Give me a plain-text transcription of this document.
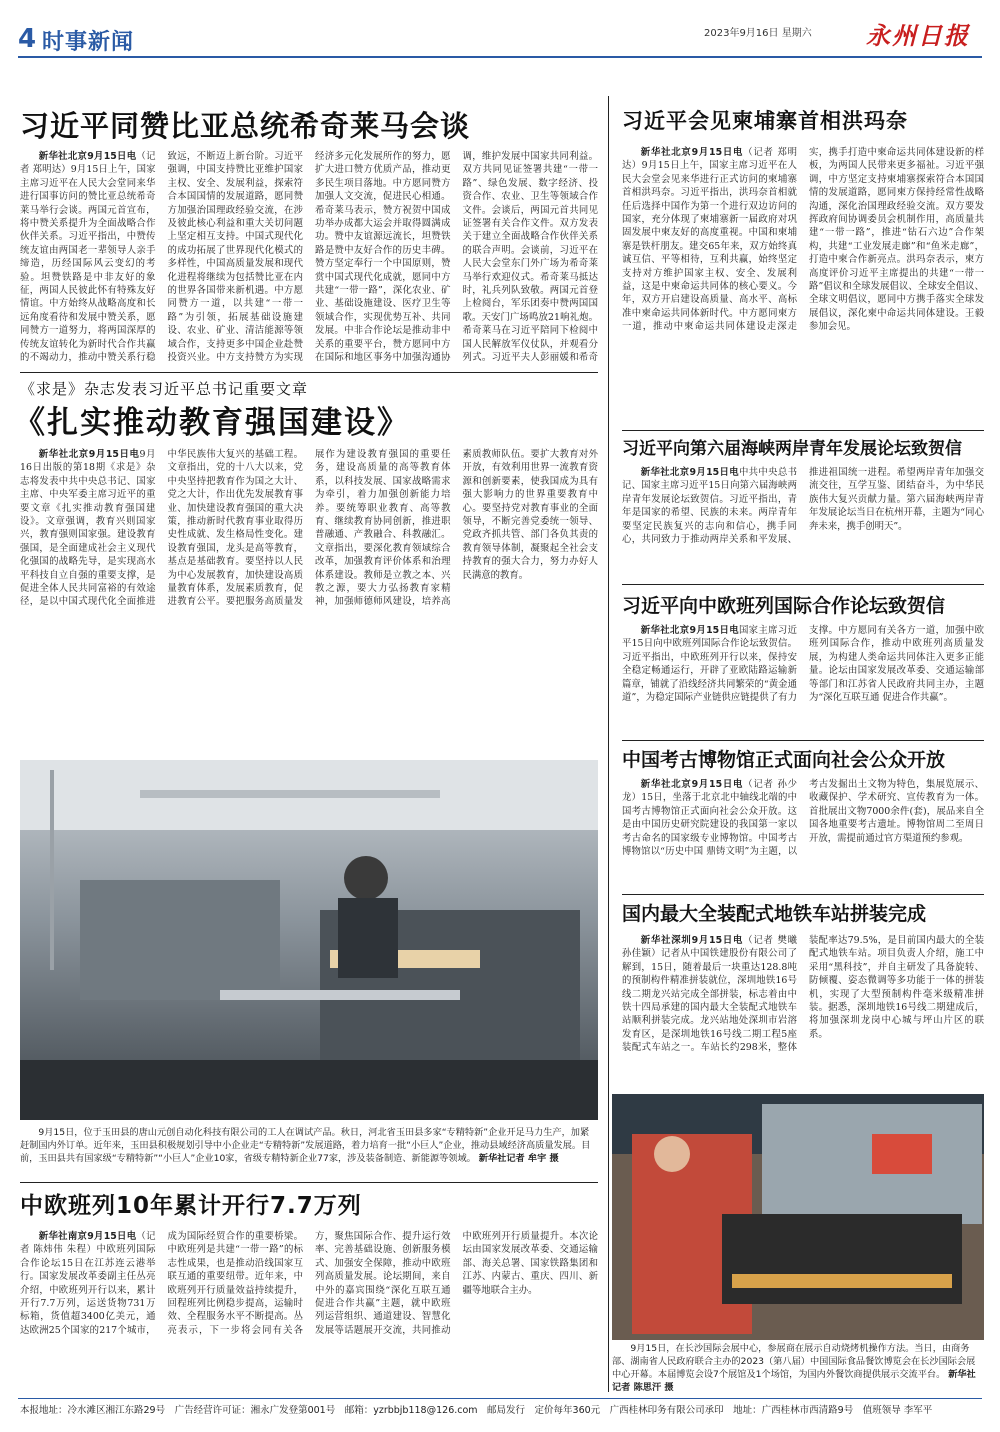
4 时事新闻	2023年9月16日 星期六 永州日报
习近平同赞比亚总统希奇莱马会谈
新华社北京9月15日电（记者 郑明达）9月15日上午，国家主席习近平在人民大会堂同来华进行国事访问的赞比亚总统希奇莱马举行会谈。两国元首宣布，将中赞关系提升为全面战略合作伙伴关系。习近平指出，中赞传统友谊由两国老一辈领导人亲手缔造，历经国际风云变幻的考验。坦赞铁路是中非友好的象征，两国人民彼此怀有特殊友好情谊。中方始终从战略高度和长远角度看待和发展中赞关系，愿同赞方一道努力，将两国深厚的传统友谊转化为新时代合作共赢的不竭动力，推动中赞关系行稳致远，不断迈上新台阶。习近平强调，中国支持赞比亚维护国家主权、安全、发展利益，探索符合本国国情的发展道路，愿同赞方加强治国理政经验交流，在涉及彼此核心利益和重大关切问题上坚定相互支持。中国式现代化的成功拓展了世界现代化模式的多样性，中国高质量发展和现代化进程将继续为包括赞比亚在内的世界各国带来新机遇。中方愿同赞方一道，以共建“一带一路”为引领，拓展基础设施建设、农业、矿业、清洁能源等领域合作，支持更多中国企业赴赞投资兴业。中方支持赞方为实现经济多元化发展所作的努力，愿扩大进口赞方优质产品，推动更多民生项目落地。中方愿同赞方加强人文交流，促进民心相通。希奇莱马表示，赞方祝贺中国成功举办成都大运会并取得圆满成功。赞中友谊源远流长，坦赞铁路是赞中友好合作的历史丰碑。赞方坚定奉行一个中国原则，赞赏中国式现代化成就，愿同中方共建“一带一路”，深化农业、矿业、基础设施建设、医疗卫生等领域合作，实现优势互补、共同发展。中非合作论坛是推动非中关系的重要平台，赞方愿同中方在国际和地区事务中加强沟通协调，维护发展中国家共同利益。双方共同见证签署共建“一带一路”、绿色发展、数字经济、投资合作、农业、卫生等领域合作文件。会谈后，两国元首共同见证签署有关合作文件。双方发表关于建立全面战略合作伙伴关系的联合声明。会谈前，习近平在人民大会堂东门外广场为希奇莱马举行欢迎仪式。希奇莱马抵达时，礼兵列队致敬。两国元首登上检阅台，军乐团奏中赞两国国歌。天安门广场鸣放21响礼炮。希奇莱马在习近平陪同下检阅中国人民解放军仪仗队，并观看分列式。习近平夫人彭丽媛和希奇
《求是》杂志发表习近平总书记重要文章
《扎实推动教育强国建设》
新华社北京9月15日电9月16日出版的第18期《求是》杂志将发表中共中央总书记、国家主席、中央军委主席习近平的重要文章《扎实推动教育强国建设》。文章强调，教育兴则国家兴，教育强则国家强。建设教育强国，是全面建成社会主义现代化强国的战略先导，是实现高水平科技自立自强的重要支撑，是促进全体人民共同富裕的有效途径，是以中国式现代化全面推进中华民族伟大复兴的基础工程。文章指出，党的十八大以来，党中央坚持把教育作为国之大计、党之大计，作出优先发展教育事业、加快建设教育强国的重大决策，推动新时代教育事业取得历史性成就、发生格局性变化。建设教育强国，龙头是高等教育，基点是基础教育。要坚持以人民为中心发展教育，加快建设高质量教育体系，发展素质教育，促进教育公平。要把服务高质量发展作为建设教育强国的重要任务，建设高质量的高等教育体系，以科技发展、国家战略需求为牵引，着力加强创新能力培养。要统筹职业教育、高等教育、继续教育协同创新，推进职普融通、产教融合、科教融汇。文章指出，要深化教育领域综合改革，加强教育评价体系和治理体系建设。教师是立教之本、兴教之源，要大力弘扬教育家精神，加强师德师风建设，培养高素质教师队伍。要扩大教育对外开放，有效利用世界一流教育资源和创新要素，使我国成为具有强大影响力的世界重要教育中心。要坚持党对教育事业的全面领导，不断完善党委统一领导、党政齐抓共管、部门各负其责的教育领导体制，凝聚起全社会支持教育的强大合力，努力办好人民满意的教育。
9月15日，位于玉田县的唐山元创自动化科技有限公司的工人在调试产品。秋日，河北省玉田县多家“专精特新”企业开足马力生产，加紧赶制国内外订单。近年来，玉田县积极规划引导中小企业走“专精特新”发展道路，着力培育一批“小巨人”企业，推动县域经济高质量发展。目前，玉田县共有国家级“专精特新”“小巨人”企业10家，省级专精特新企业77家，涉及装备制造、新能源等领域。 新华社记者 牟宇 摄
中欧班列10年累计开行7.7万列
新华社南京9月15日电（记者 陈炜伟 朱程）中欧班列国际合作论坛15日在江苏连云港举行。国家发展改革委副主任丛亮介绍，中欧班列开行以来，累计开行7.7万列，运送货物731万标箱，货值超3400亿美元，通达欧洲25个国家的217个城市，成为国际经贸合作的重要桥梁。中欧班列是共建“一带一路”的标志性成果，也是推动沿线国家互联互通的重要纽带。近年来，中欧班列开行质量效益持续提升，回程班列比例稳步提高，运输时效、全程服务水平不断提高。丛亮表示，下一步将会同有关各方，聚焦国际合作、提升运行效率、完善基础设施、创新服务模式、加强安全保障，推动中欧班列高质量发展。论坛期间，来自中外的嘉宾围绕“深化互联互通 促进合作共赢”主题，就中欧班列运营组织、通道建设、智慧化发展等话题展开交流，共同推动中欧班列开行质量提升。本次论坛由国家发展改革委、交通运输部、海关总署、国家铁路集团和江苏、内蒙古、重庆、四川、新疆等地联合主办。
习近平会见柬埔寨首相洪玛奈
新华社北京9月15日电（记者 郑明达）9月15日上午，国家主席习近平在人民大会堂会见来华进行正式访问的柬埔寨首相洪玛奈。习近平指出，洪玛奈首相就任后选择中国作为第一个进行双边访问的国家，充分体现了柬埔寨新一届政府对巩固发展中柬友好的高度重视。中国和柬埔寨是铁杆朋友。建交65年来，双方始终真诚互信、平等相待，互利共赢，始终坚定支持对方维护国家主权、安全、发展利益，这是中柬命运共同体的核心要义。今年，双方开启建设高质量、高水平、高标准中柬命运共同体新时代。中方愿同柬方一道，推动中柬命运共同体建设走深走实，携手打造中柬命运共同体建设新的样板，为两国人民带来更多福祉。习近平强调，中方坚定支持柬埔寨探索符合本国国情的发展道路，愿同柬方保持经常性战略沟通，深化治国理政经验交流。双方要发挥政府间协调委员会机制作用，高质量共建“一带一路”，推进“钻石六边”合作架构，共建“工业发展走廊”和“鱼米走廊”，打造中柬合作新亮点。洪玛奈表示，柬方高度评价习近平主席提出的共建“一带一路”倡议和全球发展倡议、全球安全倡议、全球文明倡议，愿同中方携手落实全球发展倡议，深化柬中命运共同体建设。王毅参加会见。
习近平向第六届海峡两岸青年发展论坛致贺信
新华社北京9月15日电中共中央总书记、国家主席习近平15日向第六届海峡两岸青年发展论坛致贺信。习近平指出，青年是国家的希望、民族的未来。两岸青年要坚定民族复兴的志向和信心，携手同心，共同致力于推动两岸关系和平发展、推进祖国统一进程。希望两岸青年加强交流交往，互学互鉴、团结奋斗，为中华民族伟大复兴贡献力量。第六届海峡两岸青年发展论坛当日在杭州开幕，主题为“同心奔未来，携手创明天”。
习近平向中欧班列国际合作论坛致贺信
新华社北京9月15日电国家主席习近平15日向中欧班列国际合作论坛致贺信。习近平指出，中欧班列开行以来，保持安全稳定畅通运行，开辟了亚欧陆路运输新篇章，铺就了沿线经济共同繁荣的“黄金通道”，为稳定国际产业链供应链提供了有力支撑。中方愿同有关各方一道，加强中欧班列国际合作，推动中欧班列高质量发展，为构建人类命运共同体注入更多正能量。论坛由国家发展改革委、交通运输部等部门和江苏省人民政府共同主办，主题为“深化互联互通 促进合作共赢”。
中国考古博物馆正式面向社会公众开放
新华社北京9月15日电（记者 孙少龙）15日，坐落于北京北中轴线北端的中国考古博物馆正式面向社会公众开放。这是由中国历史研究院建设的我国第一家以考古命名的国家级专业博物馆。中国考古博物馆以“历史中国 鼎铸文明”为主题，以考古发掘出土文物为特色，集展览展示、收藏保护、学术研究、宣传教育为一体。首批展出文物7000余件(套)，展品来自全国各地重要考古遗址。博物馆周二至周日开放，需提前通过官方渠道预约参观。
国内最大全装配式地铁车站拼装完成
新华社深圳9月15日电（记者 樊曦 孙佳颖）记者从中国铁建股份有限公司了解到，15日，随着最后一块重达128.8吨的预制构件精准拼装就位，深圳地铁16号线二期龙兴站完成全部拼装，标志着由中铁十四局承建的国内最大全装配式地铁车站顺利拼装完成。龙兴站地处深圳市岩溶发育区，是深圳地铁16号线二期工程5座装配式车站之一。车站长约298米，整体装配率达79.5%，是目前国内最大的全装配式地铁车站。项目负责人介绍，施工中采用“黑科技”，并自主研发了具备旋转、防倾覆、姿态微调等多功能于一体的拼装机，实现了大型预制构件毫米级精准拼装。据悉，深圳地铁16号线二期建成后，将加强深圳龙岗中心城与坪山片区的联系。
9月15日，在长沙国际会展中心，参展商在展示自动烧烤机操作方法。当日，由商务部、湖南省人民政府联合主办的2023（第八届）中国国际食品餐饮博览会在长沙国际会展中心开幕。本届博览会设7个展馆及1个场馆，为国内外餐饮商提供展示交流平台。 新华社记者 陈思汗 摄
本报地址：冷水滩区湘江东路29号　广告经营许可证：湘永广发登第001号　邮箱：yzrbbjb118@126.com　邮局发行　定价每年360元　广西桂林印务有限公司承印　地址：广西桂林市西清路9号　值班领导 李军平
